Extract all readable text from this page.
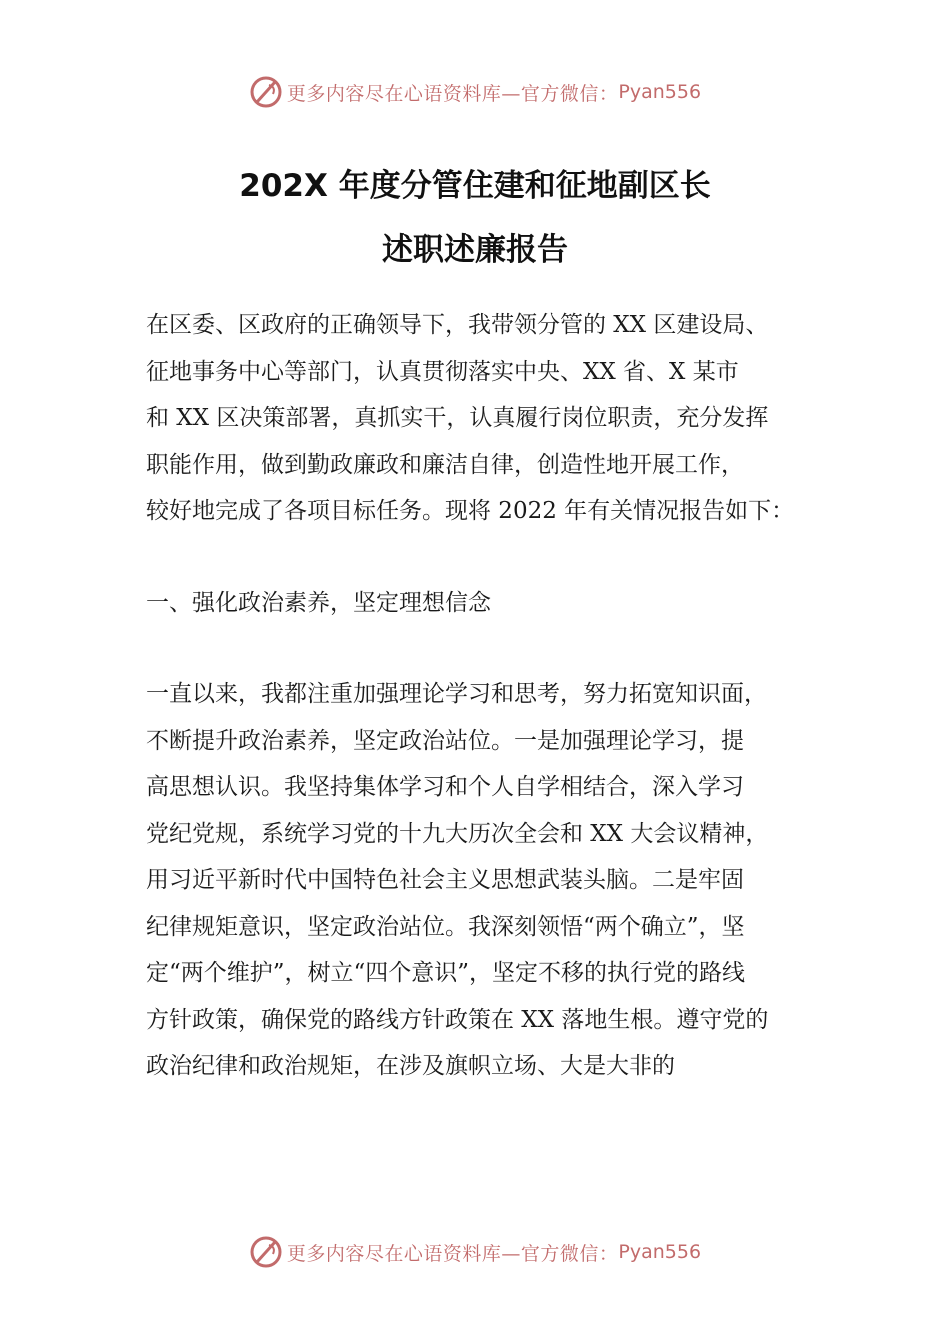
更多内容尽在心语资料库—官方微信： Pyan556
202X 年度分管住建和征地副区长
述职述廉报告

在区委、区政府的正确领导下，我带领分管的 XX 区建设局、
征地事务中心等部门，认真贯彻落实中央、XX 省、X 某市
和 XX 区决策部署，真抓实干，认真履行岗位职责，充分发挥
职能作用，做到勤政廉政和廉洁自律，创造性地开展工作，
较好地完成了各项目标任务。现将 2022 年有关情况报告如下：

一、强化政治素养，坚定理想信念

一直以来，我都注重加强理论学习和思考，努力拓宽知识面，
不断提升政治素养，坚定政治站位。一是加强理论学习，提
高思想认识。我坚持集体学习和个人自学相结合，深入学习
党纪党规，系统学习党的十九大历次全会和 XX 大会议精神，
用习近平新时代中国特色社会主义思想武装头脑。二是牢固
纪律规矩意识，坚定政治站位。我深刻领悟“两个确立”，坚
定“两个维护”，树立“四个意识”，坚定不移的执行党的路线
方针政策，确保党的路线方针政策在 XX 落地生根。遵守党的
政治纪律和政治规矩，在涉及旗帜立场、大是大非的

更多内容尽在心语资料库—官方微信： Pyan556
